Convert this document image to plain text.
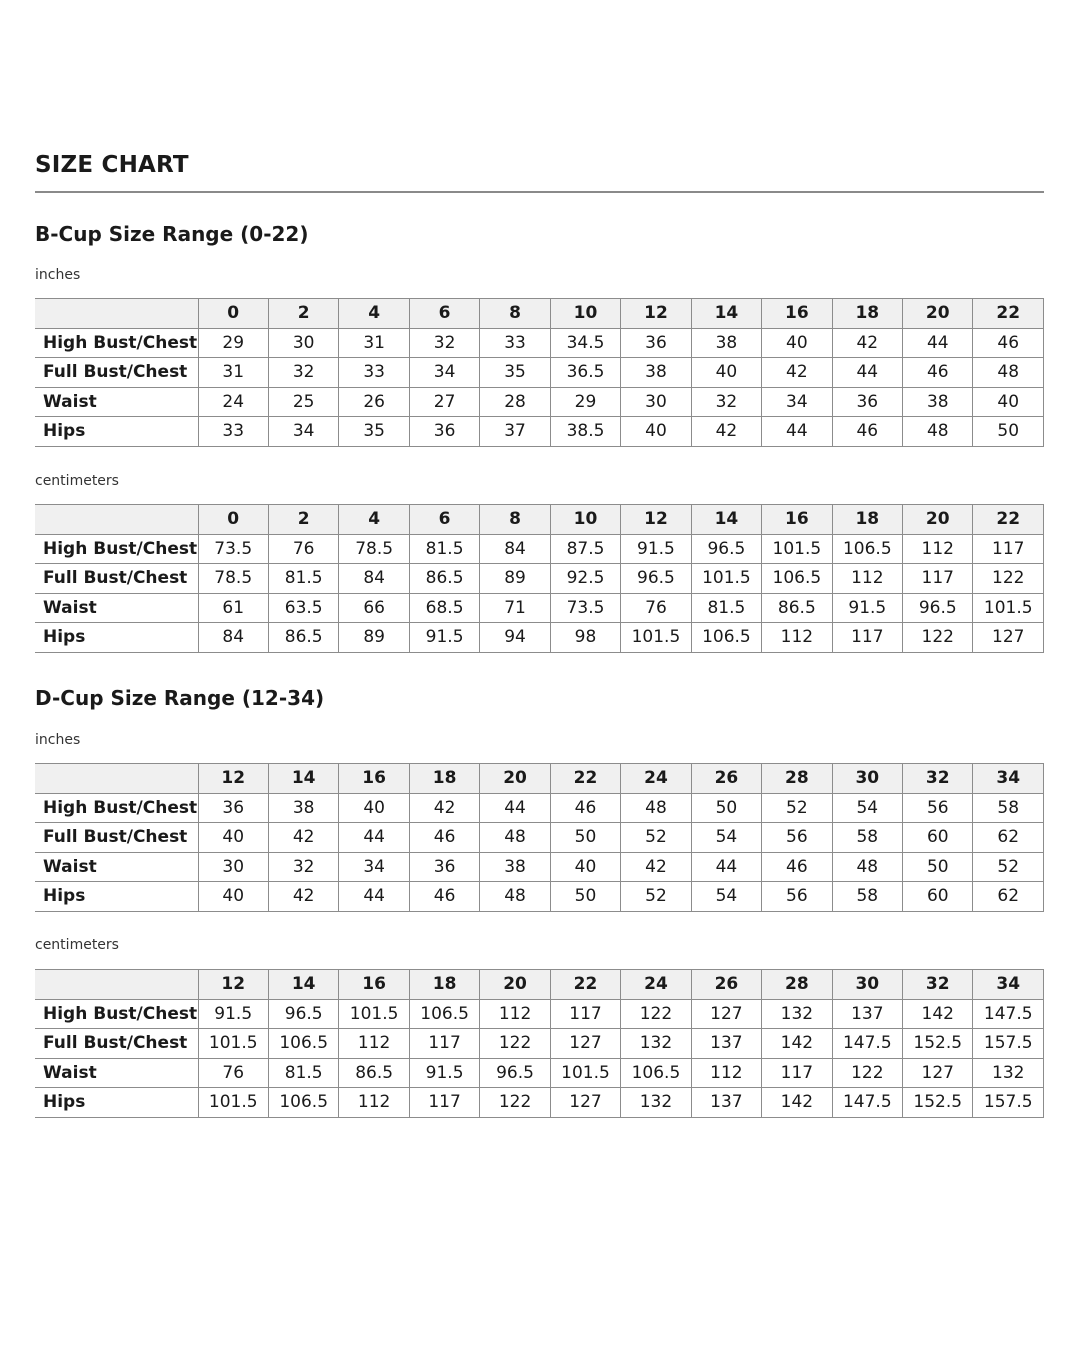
SIZE CHART
B-Cup Size Range (0-22)
inches
	0	2	4	6	8	10	12	14	16	18	20	22
High Bust/Chest	29	30	31	32	33	34.5	36	38	40	42	44	46
Full Bust/Chest	31	32	33	34	35	36.5	38	40	42	44	46	48
Waist	24	25	26	27	28	29	30	32	34	36	38	40
Hips	33	34	35	36	37	38.5	40	42	44	46	48	50
centimeters
	0	2	4	6	8	10	12	14	16	18	20	22
High Bust/Chest	73.5	76	78.5	81.5	84	87.5	91.5	96.5	101.5	106.5	112	117
Full Bust/Chest	78.5	81.5	84	86.5	89	92.5	96.5	101.5	106.5	112	117	122
Waist	61	63.5	66	68.5	71	73.5	76	81.5	86.5	91.5	96.5	101.5
Hips	84	86.5	89	91.5	94	98	101.5	106.5	112	117	122	127
D-Cup Size Range (12-34)
inches
	12	14	16	18	20	22	24	26	28	30	32	34
High Bust/Chest	36	38	40	42	44	46	48	50	52	54	56	58
Full Bust/Chest	40	42	44	46	48	50	52	54	56	58	60	62
Waist	30	32	34	36	38	40	42	44	46	48	50	52
Hips	40	42	44	46	48	50	52	54	56	58	60	62
centimeters
	12	14	16	18	20	22	24	26	28	30	32	34
High Bust/Chest	91.5	96.5	101.5	106.5	112	117	122	127	132	137	142	147.5
Full Bust/Chest	101.5	106.5	112	117	122	127	132	137	142	147.5	152.5	157.5
Waist	76	81.5	86.5	91.5	96.5	101.5	106.5	112	117	122	127	132
Hips	101.5	106.5	112	117	122	127	132	137	142	147.5	152.5	157.5
